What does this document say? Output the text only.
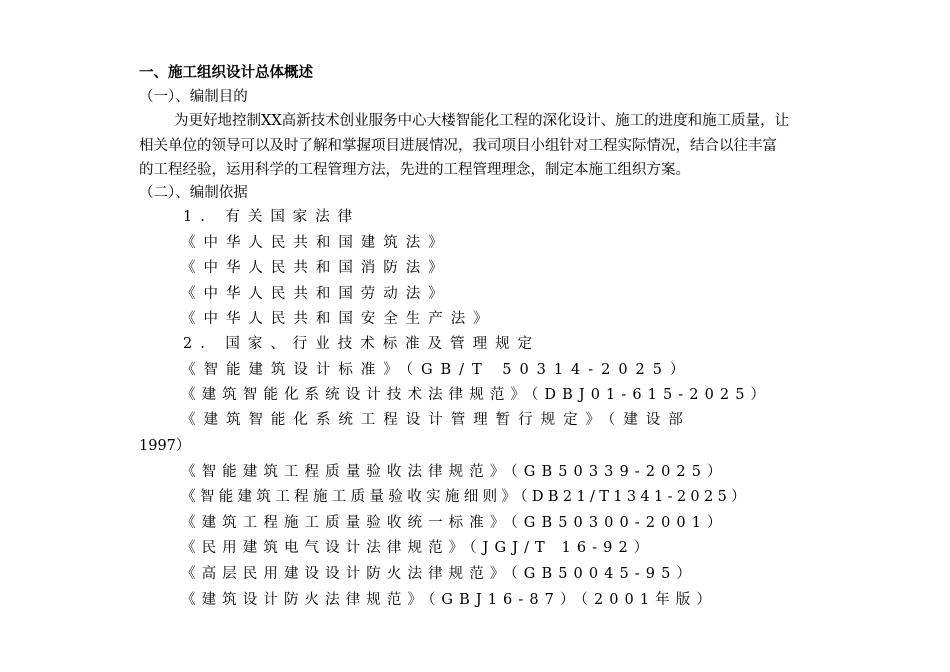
一、施工组织设计总体概述
（一）、编制目的
为更好地控制XX高新技术创业服务中心大楼智能化工程的深化设计、施工的进度和施工质量，让
相关单位的领导可以及时了解和掌握项目进展情况，我司项目小组针对工程实际情况，结合以往丰富
的工程经验，运用科学的工程管理方法，先进的工程管理理念，制定本施工组织方案。
（二）、编制依据
1. 有关国家法律
《中华人民共和国建筑法》
《中华人民共和国消防法》
《中华人民共和国劳动法》
《中华人民共和国安全生产法》
2. 国家、行业技术标准及管理规定
《智能建筑设计标准》（GB/T 50314-2025）
《建筑智能化系统设计技术法律规范》（DBJ01-615-2025）
《建筑智能化系统工程设计管理暂行规定》（建设部
1997）
《智能建筑工程质量验收法律规范》（GB50339-2025）
《智能建筑工程施工质量验收实施细则》（DB21/T1341-2025）
《建筑工程施工质量验收统一标准》（GB50300-2001）
《民用建筑电气设计法律规范》（JGJ/T 16-92）
《高层民用建设设计防火法律规范》（GB50045-95）
《建筑设计防火法律规范》（GBJ16-87）（2001年版）
